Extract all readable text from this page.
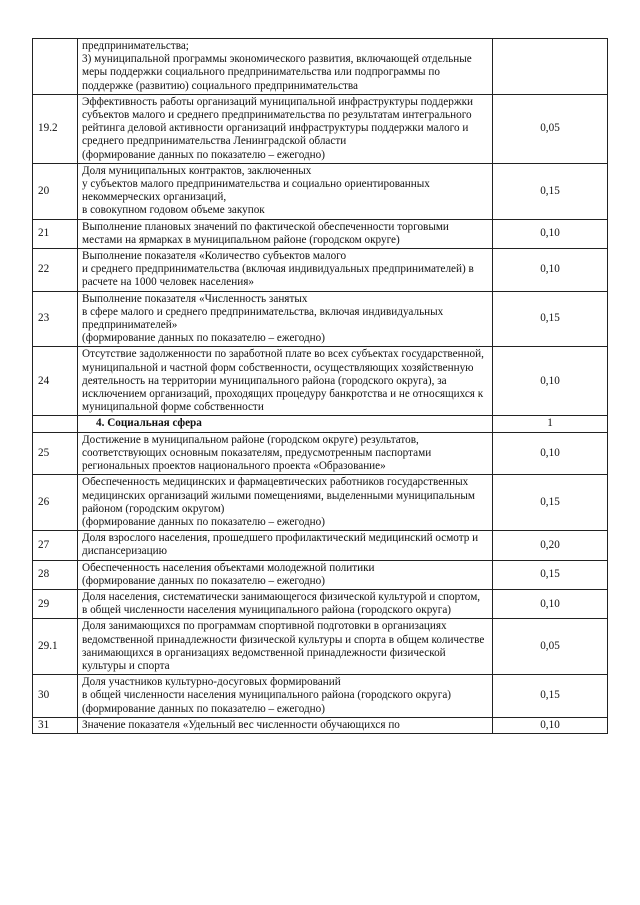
	предпринимательства;
3) муниципальной программы экономического развития, включающей отдельные меры поддержки социального предпринимательства или подпрограммы по поддержке (развитию) социального предпринимательства	
19.2	Эффективность работы организаций муниципальной инфраструктуры поддержки субъектов малого и среднего предпринимательства по результатам интегрального рейтинга деловой активности организаций инфраструктуры поддержки малого и среднего предпринимательства Ленинградской области
(формирование данных по показателю – ежегодно)	0,05
20	Доля муниципальных контрактов, заключенных
у субъектов малого предпринимательства и социально ориентированных некоммерческих организаций,
в совокупном годовом объеме закупок	0,15
21	Выполнение плановых значений по фактической обеспеченности торговыми местами на ярмарках в муниципальном районе (городском округе)	0,10
22	Выполнение показателя «Количество субъектов малого
и среднего предпринимательства (включая индивидуальных предпринимателей) в расчете на 1000 человек населения»	0,10
23	Выполнение показателя «Численность занятых
в сфере малого и среднего предпринимательства, включая индивидуальных предпринимателей»
(формирование данных по показателю – ежегодно)	0,15
24	Отсутствие задолженности по заработной плате во всех субъектах государственной, муниципальной и частной форм собственности, осуществляющих хозяйственную деятельность на территории муниципального района (городского округа), за исключением организаций, проходящих процедуру банкротства и не относящихся к муниципальной форме собственности	0,10
	4. Социальная сфера	1
25	Достижение в муниципальном районе (городском округе) результатов, соответствующих основным показателям, предусмотренным паспортами региональных проектов национального проекта «Образование»	0,10
26	Обеспеченность медицинских и фармацевтических работников государственных медицинских организаций жилыми помещениями, выделенными муниципальным районом (городским округом)
(формирование данных по показателю – ежегодно)	0,15
27	Доля взрослого населения, прошедшего профилактический медицинский осмотр и диспансеризацию	0,20
28	Обеспеченность населения объектами молодежной политики
(формирование данных по показателю – ежегодно)	0,15
29	Доля населения, систематически занимающегося физической культурой и спортом, в общей численности населения муниципального района (городского округа)	0,10
29.1	Доля занимающихся по программам спортивной подготовки в организациях ведомственной принадлежности физической культуры и спорта в общем количестве занимающихся в организациях ведомственной принадлежности физической культуры и спорта	0,05
30	Доля участников культурно-досуговых формирований
в общей численности населения муниципального района (городского округа)
(формирование данных по показателю – ежегодно)	0,15
31	Значение показателя «Удельный вес численности обучающихся по	0,10
